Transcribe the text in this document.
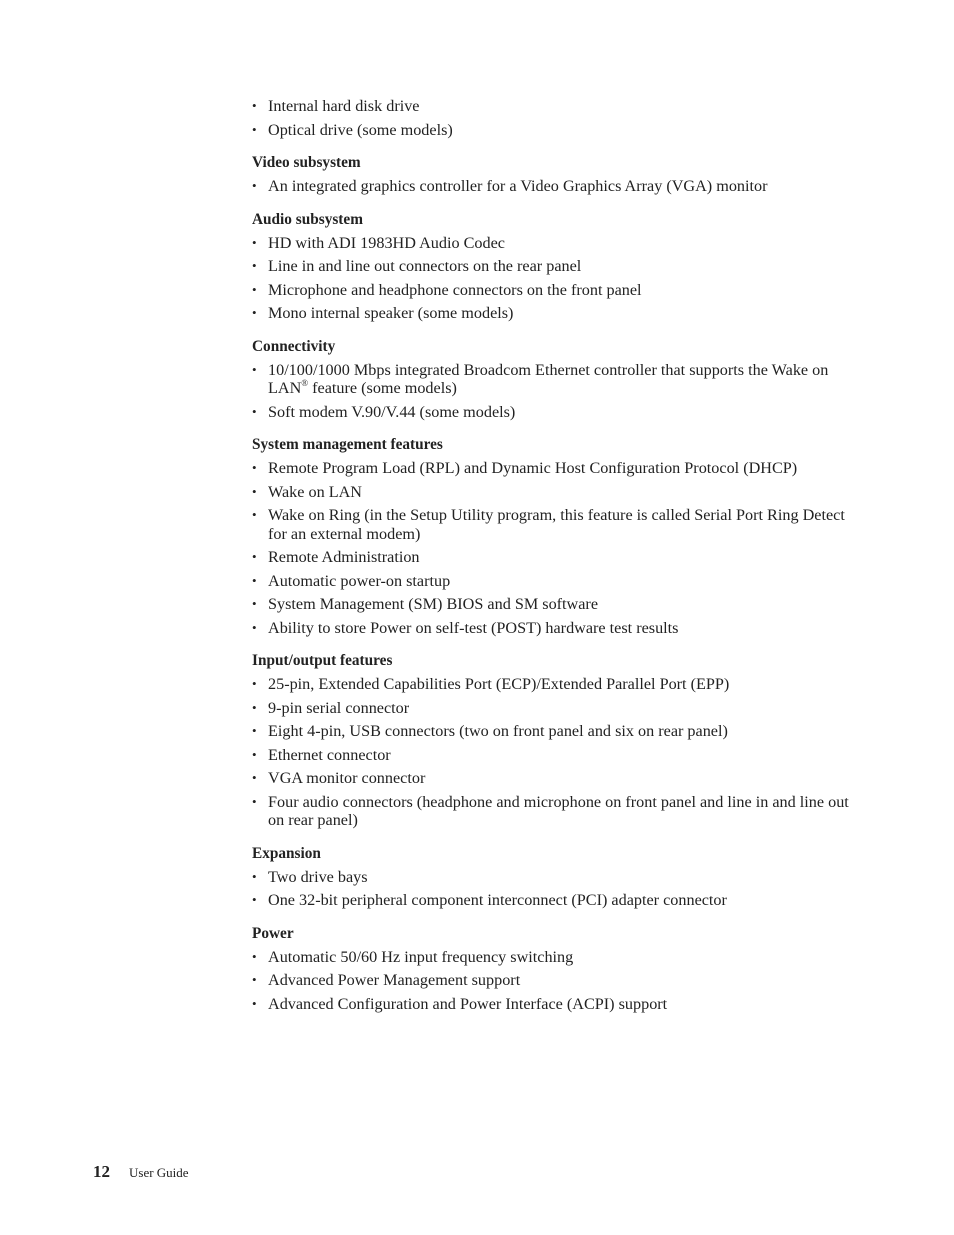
• Internal hard disk drive
• Optical drive (some models)
Video subsystem
• An integrated graphics controller for a Video Graphics Array (VGA) monitor
Audio subsystem
• HD with ADI 1983HD Audio Codec
• Line in and line out connectors on the rear panel
• Microphone and headphone connectors on the front panel
• Mono internal speaker (some models)
Connectivity
• 10/100/1000 Mbps integrated Broadcom Ethernet controller that supports the Wake on LAN® feature (some models)
• Soft modem V.90/V.44 (some models)
System management features
• Remote Program Load (RPL) and Dynamic Host Configuration Protocol (DHCP)
• Wake on LAN
• Wake on Ring (in the Setup Utility program, this feature is called Serial Port Ring Detect for an external modem)
• Remote Administration
• Automatic power-on startup
• System Management (SM) BIOS and SM software
• Ability to store Power on self-test (POST) hardware test results
Input/output features
• 25-pin, Extended Capabilities Port (ECP)/Extended Parallel Port (EPP)
• 9-pin serial connector
• Eight 4-pin, USB connectors (two on front panel and six on rear panel)
• Ethernet connector
• VGA monitor connector
• Four audio connectors (headphone and microphone on front panel and line in and line out on rear panel)
Expansion
• Two drive bays
• One 32-bit peripheral component interconnect (PCI) adapter connector
Power
• Automatic 50/60 Hz input frequency switching
• Advanced Power Management support
• Advanced Configuration and Power Interface (ACPI) support
12 User Guide
